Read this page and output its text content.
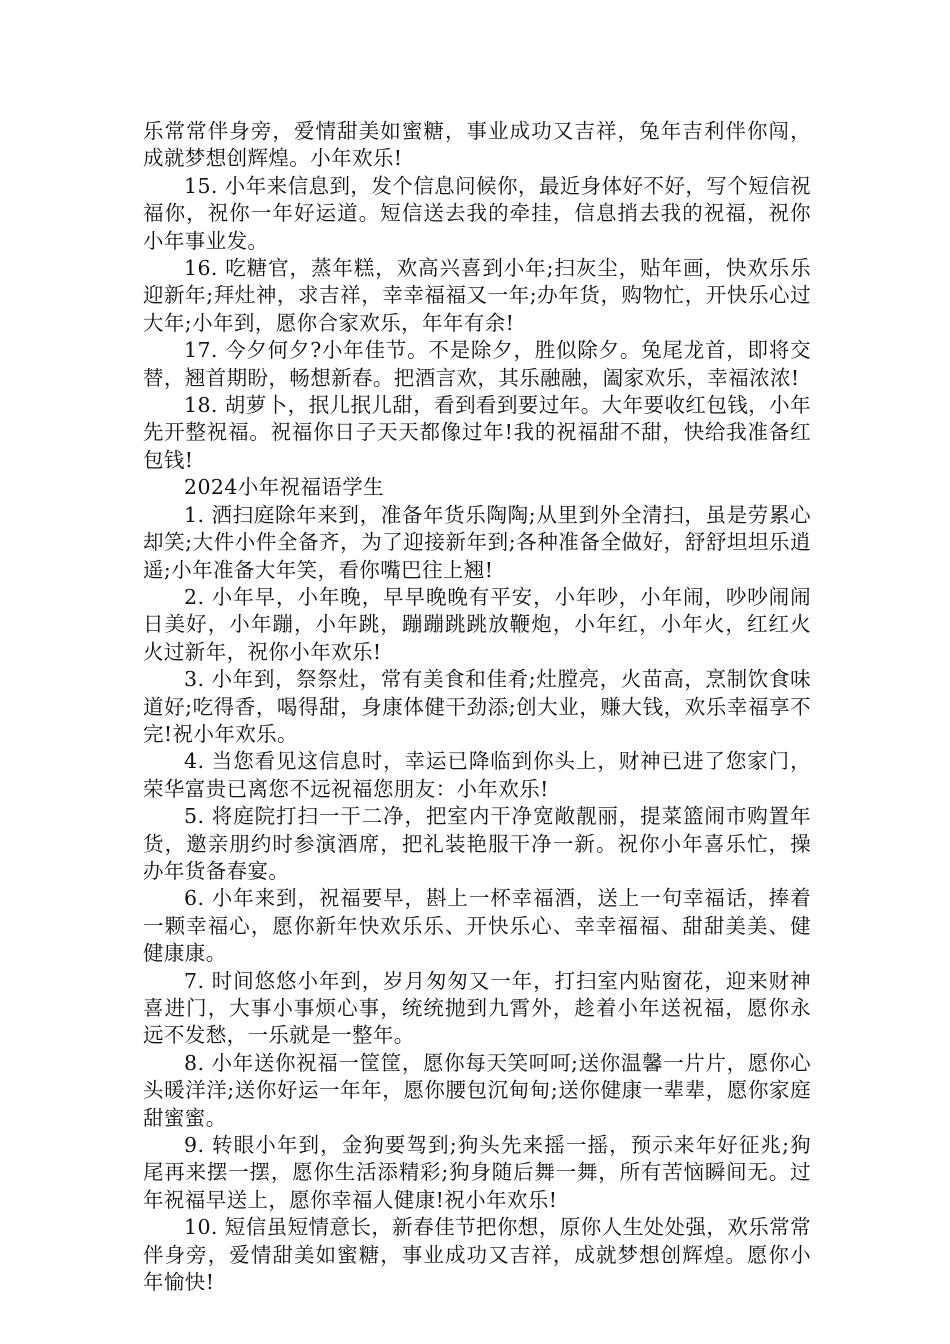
乐常常伴身旁，爱情甜美如蜜糖，事业成功又吉祥，兔年吉利伴你闯，成就梦想创辉煌。小年欢乐!

15. 小年来信息到，发个信息问候你，最近身体好不好，写个短信祝福你，祝你一年好运道。短信送去我的牵挂，信息捎去我的祝福，祝你小年事业发。

16. 吃糖官，蒸年糕，欢高兴喜到小年;扫灰尘，贴年画，快欢乐乐迎新年;拜灶神，求吉祥，幸幸福福又一年;办年货，购物忙，开快乐心过大年;小年到，愿你合家欢乐，年年有余!

17. 今夕何夕?小年佳节。不是除夕，胜似除夕。兔尾龙首，即将交替，翘首期盼，畅想新春。把酒言欢，其乐融融，阖家欢乐，幸福浓浓!

18. 胡萝卜，抿儿抿儿甜，看到看到要过年。大年要收红包钱，小年先开整祝福。祝福你日子天天都像过年!我的祝福甜不甜，快给我准备红包钱!

2024小年祝福语学生

1. 洒扫庭除年来到，准备年货乐陶陶;从里到外全清扫，虽是劳累心却笑;大件小件全备齐，为了迎接新年到;各种准备全做好，舒舒坦坦乐逍遥;小年准备大年笑，看你嘴巴往上翘!

2. 小年早，小年晚，早早晚晚有平安，小年吵，小年闹，吵吵闹闹日美好，小年蹦，小年跳，蹦蹦跳跳放鞭炮，小年红，小年火，红红火火过新年，祝你小年欢乐!

3. 小年到，祭祭灶，常有美食和佳肴;灶膛亮，火苗高，烹制饮食味道好;吃得香，喝得甜，身康体健干劲添;创大业，赚大钱，欢乐幸福享不完!祝小年欢乐。

4. 当您看见这信息时，幸运已降临到你头上，财神已进了您家门，荣华富贵已离您不远祝福您朋友：小年欢乐!

5. 将庭院打扫一干二净，把室内干净宽敞靓丽，提菜篮闹市购置年货，邀亲朋约时参演酒席，把礼装艳服干净一新。祝你小年喜乐忙，操办年货备春宴。

6. 小年来到，祝福要早，斟上一杯幸福酒，送上一句幸福话，捧着一颗幸福心，愿你新年快欢乐乐、开快乐心、幸幸福福、甜甜美美、健健康康。

7. 时间悠悠小年到，岁月匆匆又一年，打扫室内贴窗花，迎来财神喜进门，大事小事烦心事，统统抛到九霄外，趁着小年送祝福，愿你永远不发愁，一乐就是一整年。

8. 小年送你祝福一筐筐，愿你每天笑呵呵;送你温馨一片片，愿你心头暖洋洋;送你好运一年年，愿你腰包沉甸甸;送你健康一辈辈，愿你家庭甜蜜蜜。

9. 转眼小年到，金狗要驾到;狗头先来摇一摇，预示来年好征兆;狗尾再来摆一摆，愿你生活添精彩;狗身随后舞一舞，所有苦恼瞬间无。过年祝福早送上，愿你幸福人健康!祝小年欢乐!

10. 短信虽短情意长，新春佳节把你想，原你人生处处强，欢乐常常伴身旁，爱情甜美如蜜糖，事业成功又吉祥，成就梦想创辉煌。愿你小年愉快!
